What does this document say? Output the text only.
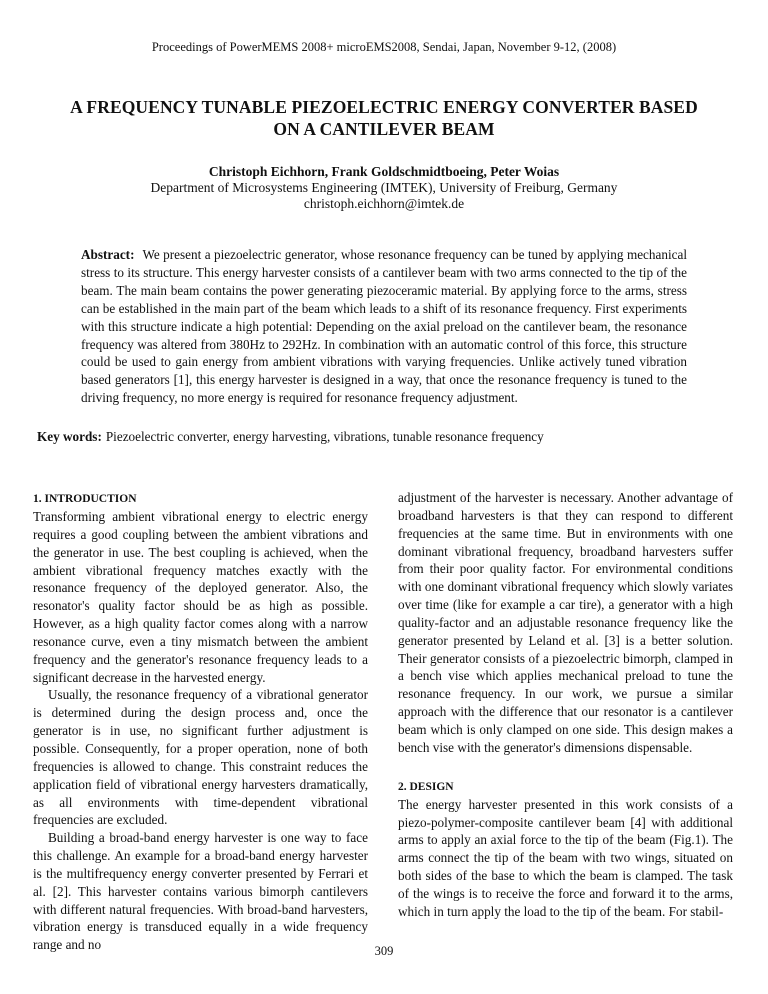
Proceedings of PowerMEMS 2008+ microEMS2008, Sendai, Japan, November 9-12, (2008)
A FREQUENCY TUNABLE PIEZOELECTRIC ENERGY CONVERTER BASED
ON A CANTILEVER BEAM
Christoph Eichhorn, Frank Goldschmidtboeing, Peter Woias
Department of Microsystems Engineering (IMTEK), University of Freiburg, Germany
christoph.eichhorn@imtek.de
Abstract: We present a piezoelectric generator, whose resonance frequency can be tuned by applying mechanical stress to its structure. This energy harvester consists of a cantilever beam with two arms connected to the tip of the beam. The main beam contains the power generating piezoceramic material. By applying force to the arms, stress can be established in the main part of the beam which leads to a shift of its resonance frequency. First experiments with this structure indicate a high potential: Depending on the axial preload on the cantilever beam, the resonance frequency was altered from 380Hz to 292Hz. In combination with an automatic control of this force, this structure could be used to gain energy from ambient vibrations with varying frequencies. Unlike actively tuned vibration based generators [1], this energy harvester is designed in a way, that once the resonance frequency is tuned to the driving frequency, no more energy is required for resonance frequency adjustment.
Key words: Piezoelectric converter, energy harvesting, vibrations, tunable resonance frequency

1. INTRODUCTION

Transforming ambient vibrational energy to electric energy requires a good coupling between the ambient vibrations and the generator in use. The best coupling is achieved, when the ambient vibrational frequency matches exactly with the resonance frequency of the deployed generator. Also, the resonator's quality factor should be as high as possible. However, as a high quality factor comes along with a narrow resonance curve, even a tiny mismatch between the ambient frequency and the generator's resonance frequency leads to a significant decrease in the harvested energy.

Usually, the resonance frequency of a vibrational generator is determined during the design process and, once the generator is in use, no significant further adjustment is possible. Consequently, for a proper operation, none of both frequencies is allowed to change. This constraint reduces the application field of vibrational energy harvesters dramatically, as all environments with time-dependent vibrational frequencies are excluded.

Building a broad-band energy harvester is one way to face this challenge. An example for a broad-band energy harvester is the multifrequency energy converter presented by Ferrari et al. [2]. This harvester contains various bimorph cantilevers with different natural frequencies. With broad-band harvesters, vibration energy is transduced equally in a wide frequency range and no

adjustment of the harvester is necessary. Another advantage of broadband harvesters is that they can respond to different frequencies at the same time. But in environments with one dominant vibrational frequency, broadband harvesters suffer from their poor quality factor. For environmental conditions with one dominant vibrational frequency which slowly variates over time (like for example a car tire), a generator with a high quality-factor and an adjustable resonance frequency like the generator presented by Leland et al. [3] is a better solution. Their generator consists of a piezoelectric bimorph, clamped in a bench vise which applies mechanical preload to tune the resonance frequency. In our work, we pursue a similar approach with the difference that our resonator is a cantilever beam which is only clamped on one side. This design makes a bench vise with the generator's dimensions dispensable.

2. DESIGN

The energy harvester presented in this work consists of a piezo-polymer-composite cantilever beam [4] with additional arms to apply an axial force to the tip of the beam (Fig.1). The arms connect the tip of the beam with two wings, situated on both sides of the base to which the beam is clamped. The task of the wings is to receive the force and forward it to the arms, which in turn apply the load to the tip of the beam. For stabil-

309
